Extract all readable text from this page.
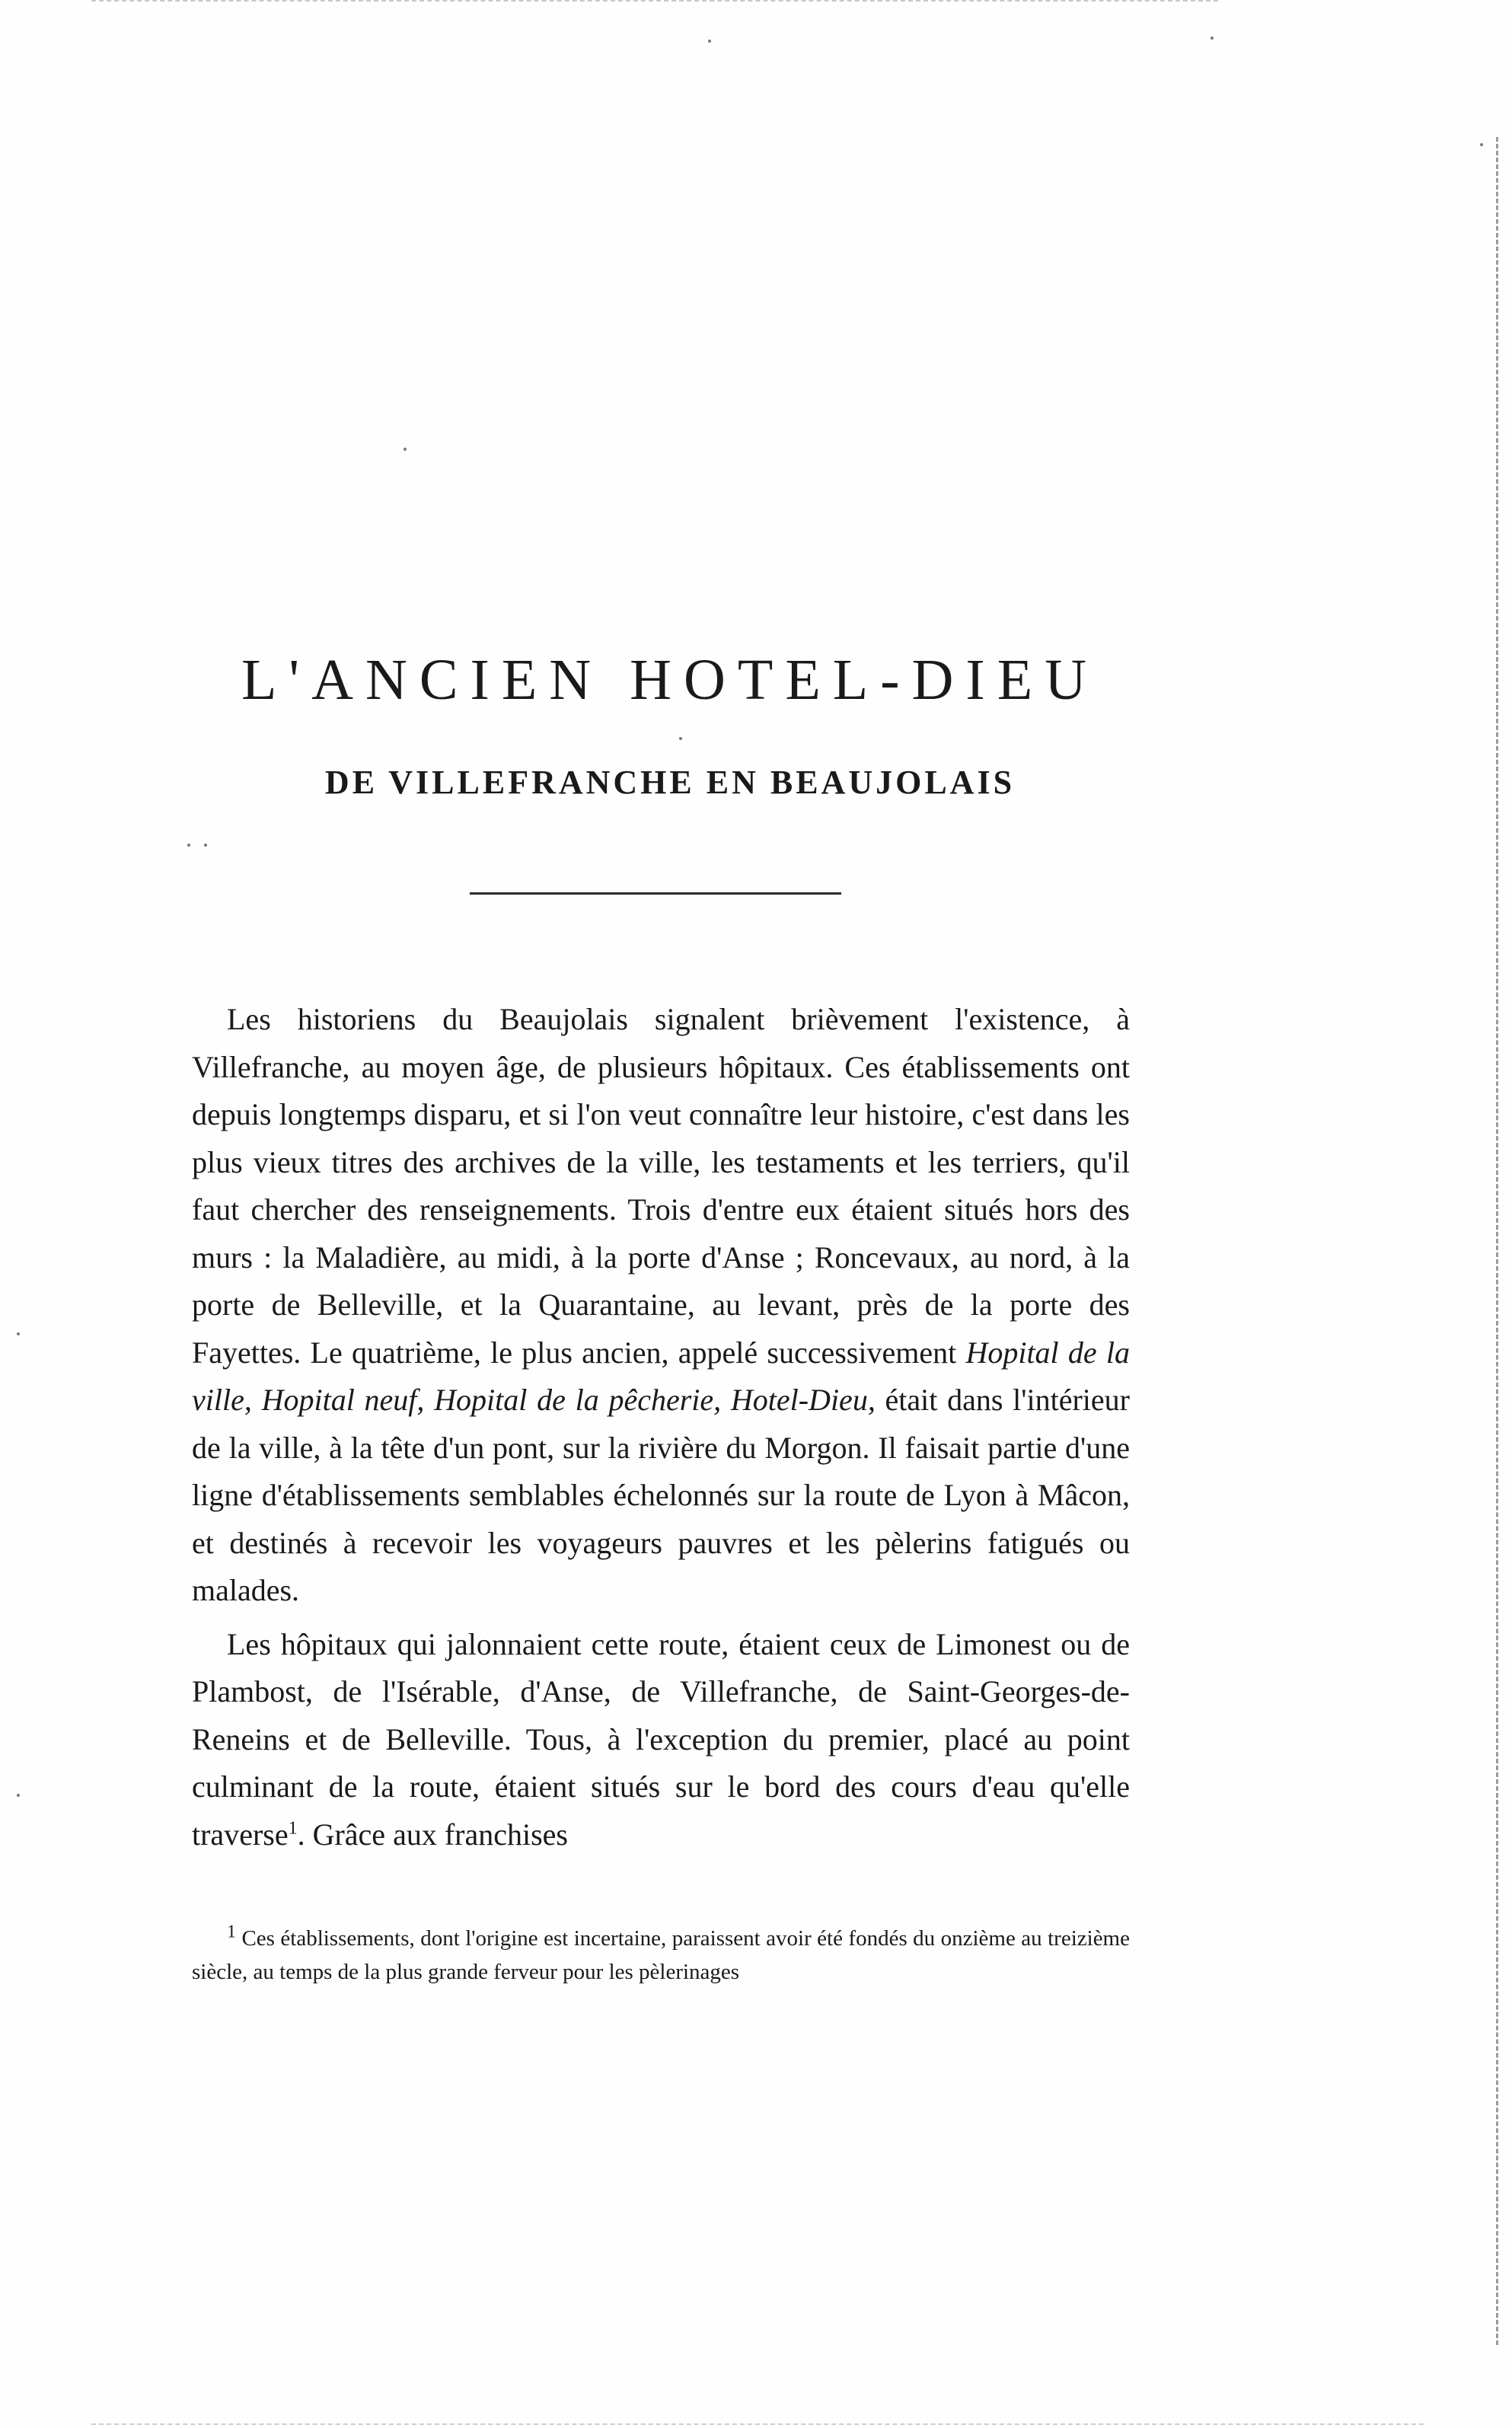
L'ANCIEN HOTEL-DIEU
DE VILLEFRANCHE EN BEAUJOLAIS

Les historiens du Beaujolais signalent brièvement l'existence, à Villefranche, au moyen âge, de plusieurs hôpitaux. Ces établissements ont depuis longtemps disparu, et si l'on veut connaître leur histoire, c'est dans les plus vieux titres des archives de la ville, les testaments et les terriers, qu'il faut chercher des renseignements. Trois d'entre eux étaient situés hors des murs : la Maladière, au midi, à la porte d'Anse ; Roncevaux, au nord, à la porte de Belleville, et la Quarantaine, au levant, près de la porte des Fayettes. Le quatrième, le plus ancien, appelé successivement Hopital de la ville, Hopital neuf, Hopital de la pêcherie, Hotel-Dieu, était dans l'intérieur de la ville, à la tête d'un pont, sur la rivière du Morgon. Il faisait partie d'une ligne d'établissements semblables échelonnés sur la route de Lyon à Mâcon, et destinés à recevoir les voyageurs pauvres et les pèlerins fatigués ou malades.

Les hôpitaux qui jalonnaient cette route, étaient ceux de Limonest ou de Plambost, de l'Isérable, d'Anse, de Villefranche, de Saint-Georges-de-Reneins et de Belleville. Tous, à l'exception du premier, placé au point culminant de la route, étaient situés sur le bord des cours d'eau qu'elle traverse$^1$. Grâce aux franchises

$^1$ Ces établissements, dont l'origine est incertaine, paraissent avoir été fondés du onzième au treizième siècle, au temps de la plus grande ferveur pour les pèlerinages
